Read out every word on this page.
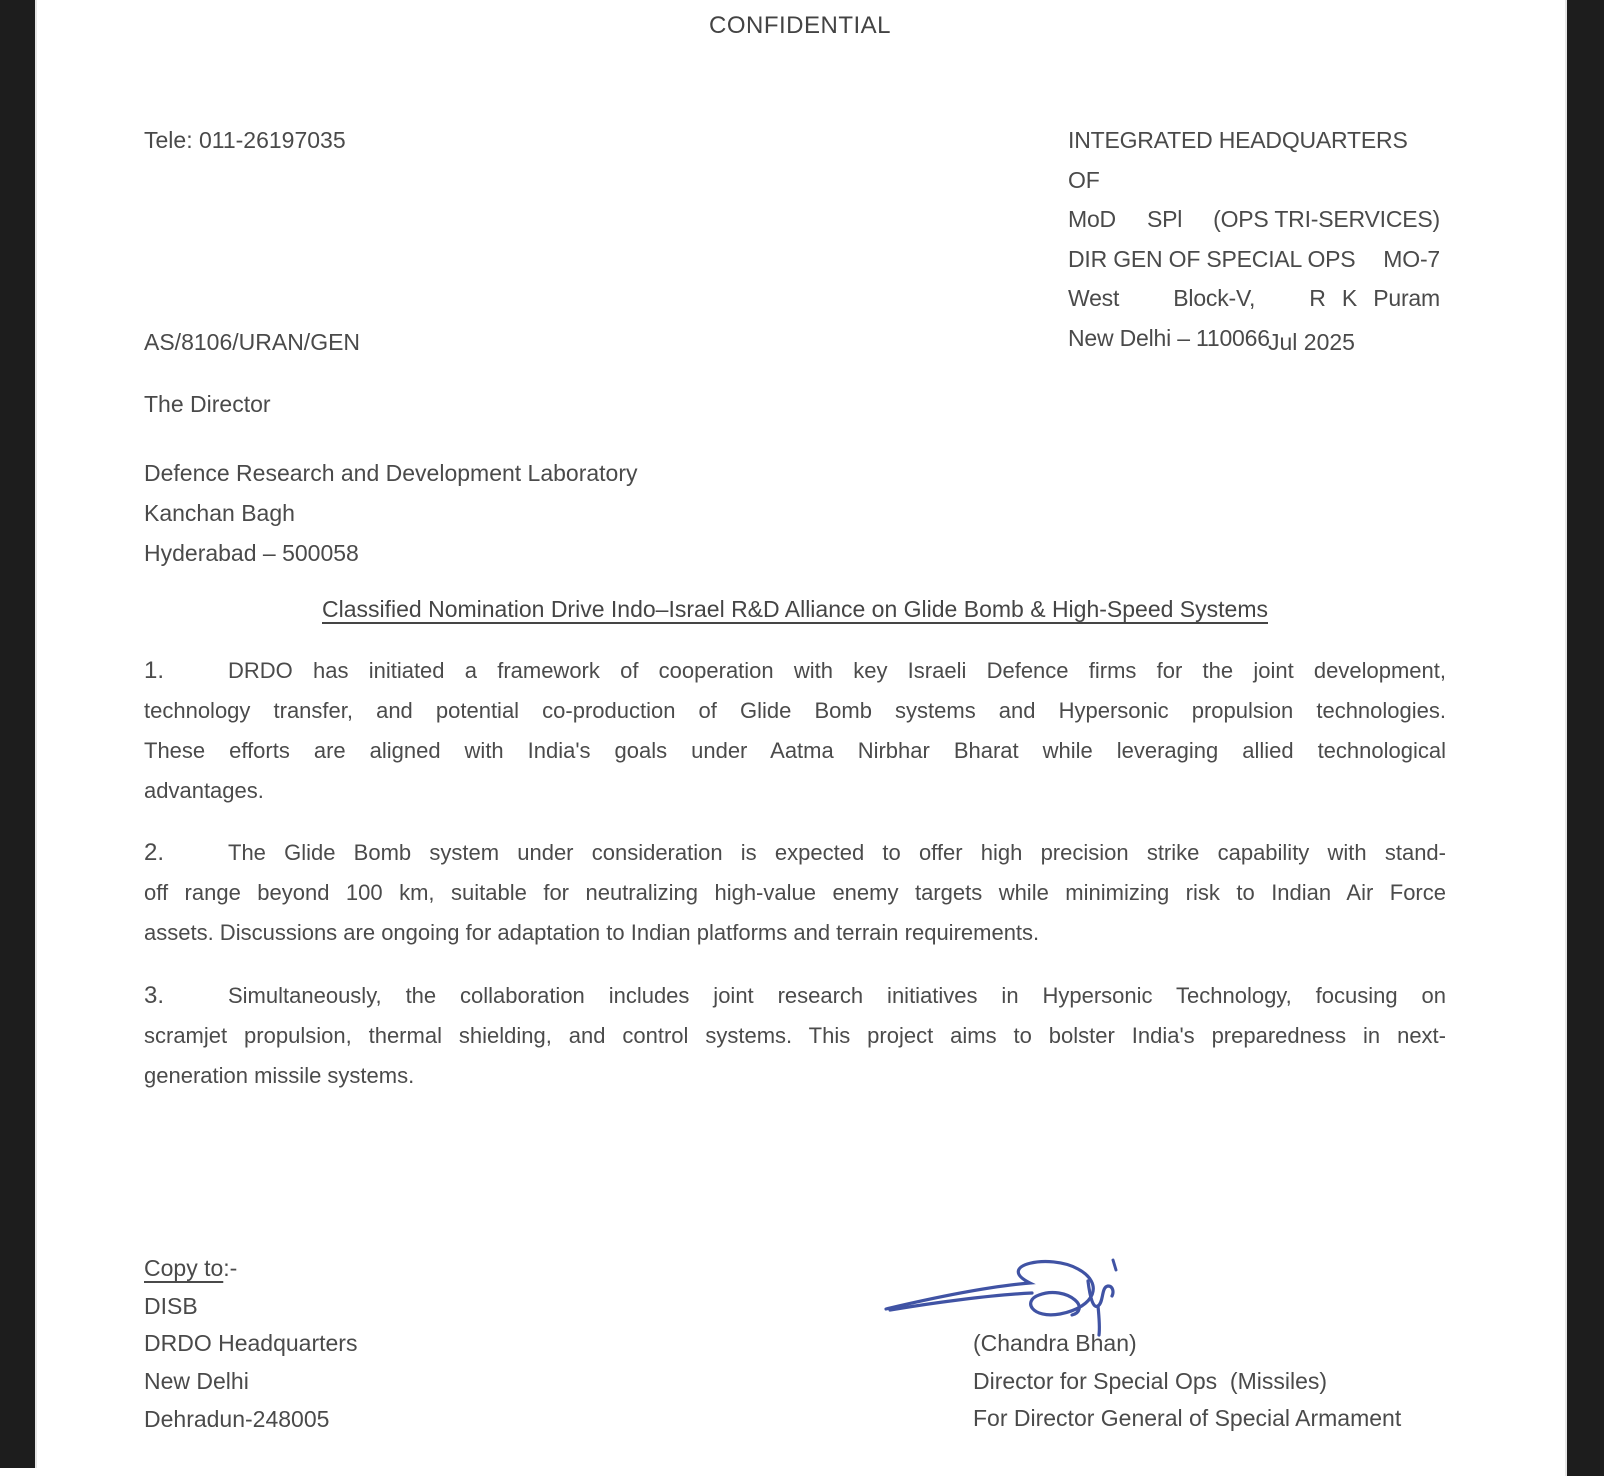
CONFIDENTIAL
Tele: 011-26197035	INTEGRATED HEADQUARTERS OF
MoD SPl (OPS TRI-SERVICES)
DIR GEN OF SPECIAL OPS MO-7
West Block-V, R K Puram
New Delhi – 110066
AS/8106/URAN/GEN	Jul 2025
The Director
Defence Research and Development Laboratory
Kanchan Bagh
Hyderabad – 500058
Classified Nomination Drive Indo–Israel R&D Alliance on Glide Bomb & High-Speed Systems
1.	DRDO has initiated a framework of cooperation with key Israeli Defence firms for the joint development,
technology transfer, and potential co-production of Glide Bomb systems and Hypersonic propulsion technologies.
These efforts are aligned with India's goals under Aatma Nirbhar Bharat while leveraging allied technological
advantages.
2.	The Glide Bomb system under consideration is expected to offer high precision strike capability with stand-
off range beyond 100 km, suitable for neutralizing high-value enemy targets while minimizing risk to Indian Air Force
assets. Discussions are ongoing for adaptation to Indian platforms and terrain requirements.
3.	Simultaneously, the collaboration includes joint research initiatives in Hypersonic Technology, focusing on
scramjet propulsion, thermal shielding, and control systems. This project aims to bolster India's preparedness in next-
generation missile systems.
Copy to:-
DISB
DRDO Headquarters
New Delhi
Dehradun-248005
(Chandra Bhan)
Director for Special Ops  (Missiles)
For Director General of Special Armament
